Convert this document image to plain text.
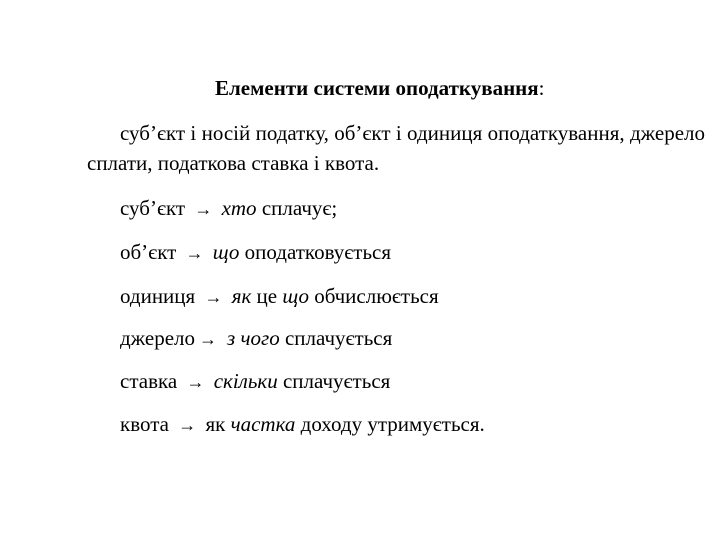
Елементи системи оподаткування:
суб’єкт і носій податку, об’єкт і одиниця оподаткування, джерело сплати, податкова ставка і квота.
суб’єкт → хто сплачує;
об’єкт → що оподатковується
одиниця → як це що обчислюється
джерело → з чого сплачується
ставка → скільки сплачується
квота → як частка доходу утримується.
